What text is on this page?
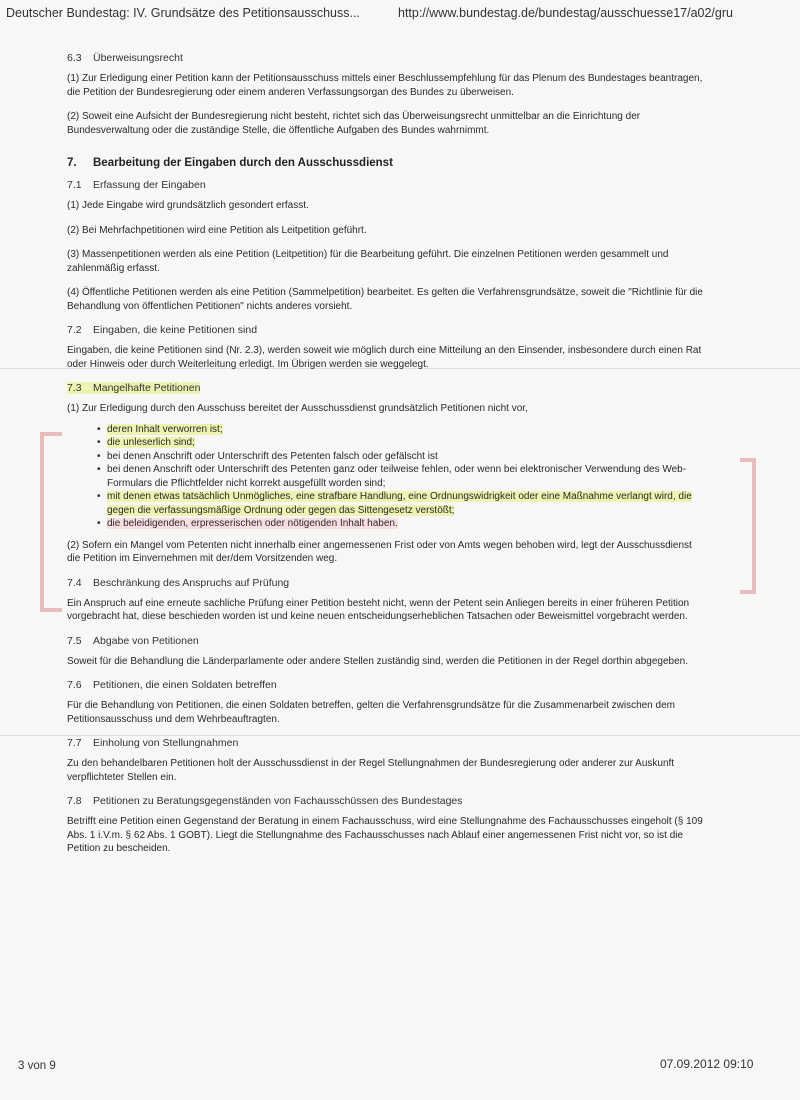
Deutscher Bundestag: IV. Grundsätze des Petitionsausschuss...	http://www.bundestag.de/bundestag/ausschuesse17/a02/gru
6.3 Überweisungsrecht

(1) Zur Erledigung einer Petition kann der Petitionsausschuss mittels einer Beschlussempfehlung für das Plenum des Bundestages beantragen, die Petition der Bundesregierung oder einem anderen Verfassungsorgan des Bundes zu überweisen.

(2) Soweit eine Aufsicht der Bundesregierung nicht besteht, richtet sich das Überweisungsrecht unmittelbar an die Einrichtung der Bundesverwaltung oder die zuständige Stelle, die öffentliche Aufgaben des Bundes wahrnimmt.

7. Bearbeitung der Eingaben durch den Ausschussdienst
7.1 Erfassung der Eingaben

(1) Jede Eingabe wird grundsätzlich gesondert erfasst.

(2) Bei Mehrfachpetitionen wird eine Petition als Leitpetition geführt.

(3) Massenpetitionen werden als eine Petition (Leitpetition) für die Bearbeitung geführt. Die einzelnen Petitionen werden gesammelt und zahlenmäßig erfasst.

(4) Öffentliche Petitionen werden als eine Petition (Sammelpetition) bearbeitet. Es gelten die Verfahrensgrundsätze, soweit die "Richtlinie für die Behandlung von öffentlichen Petitionen" nichts anderes vorsieht.

7.2 Eingaben, die keine Petitionen sind

Eingaben, die keine Petitionen sind (Nr. 2.3), werden soweit wie möglich durch eine Mitteilung an den Einsender, insbesondere durch einen Rat oder Hinweis oder durch Weiterleitung erledigt. Im Übrigen werden sie weggelegt.

7.3 Mangelhafte Petitionen

(1) Zur Erledigung durch den Ausschuss bereitet der Ausschussdienst grundsätzlich Petitionen nicht vor,

• deren Inhalt verworren ist;
• die unleserlich sind;
• bei denen Anschrift oder Unterschrift des Petenten falsch oder gefälscht ist
• bei denen Anschrift oder Unterschrift des Petenten ganz oder teilweise fehlen, oder wenn bei elektronischer Verwendung des Web-Formulars die Pflichtfelder nicht korrekt ausgefüllt worden sind;
• mit denen etwas tatsächlich Unmögliches, eine strafbare Handlung, eine Ordnungswidrigkeit oder eine Maßnahme verlangt wird, die gegen die verfassungsmäßige Ordnung oder gegen das Sittengesetz verstößt;
• die beleidigenden, erpresserischen oder nötigenden Inhalt haben.

(2) Sofern ein Mangel vom Petenten nicht innerhalb einer angemessenen Frist oder von Amts wegen behoben wird, legt der Ausschussdienst die Petition im Einvernehmen mit der/dem Vorsitzenden weg.

7.4 Beschränkung des Anspruchs auf Prüfung

Ein Anspruch auf eine erneute sachliche Prüfung einer Petition besteht nicht, wenn der Petent sein Anliegen bereits in einer früheren Petition vorgebracht hat, diese beschieden worden ist und keine neuen entscheidungserheblichen Tatsachen oder Beweismittel vorgebracht werden.

7.5 Abgabe von Petitionen

Soweit für die Behandlung die Länderparlamente oder andere Stellen zuständig sind, werden die Petitionen in der Regel dorthin abgegeben.

7.6 Petitionen, die einen Soldaten betreffen

Für die Behandlung von Petitionen, die einen Soldaten betreffen, gelten die Verfahrensgrundsätze für die Zusammenarbeit zwischen dem Petitionsausschuss und dem Wehrbeauftragten.

7.7 Einholung von Stellungnahmen

Zu den behandelbaren Petitionen holt der Ausschussdienst in der Regel Stellungnahmen der Bundesregierung oder anderer zur Auskunft verpflichteter Stellen ein.

7.8 Petitionen zu Beratungsgegenständen von Fachausschüssen des Bundestages

Betrifft eine Petition einen Gegenstand der Beratung in einem Fachausschuss, wird eine Stellungnahme des Fachausschusses eingeholt (§ 109 Abs. 1 i.V.m. § 62 Abs. 1 GOBT). Liegt die Stellungnahme des Fachausschusses nach Ablauf einer angemessenen Frist nicht vor, so ist die Petition zu bescheiden.

3 von 9	07.09.2012 09:10
